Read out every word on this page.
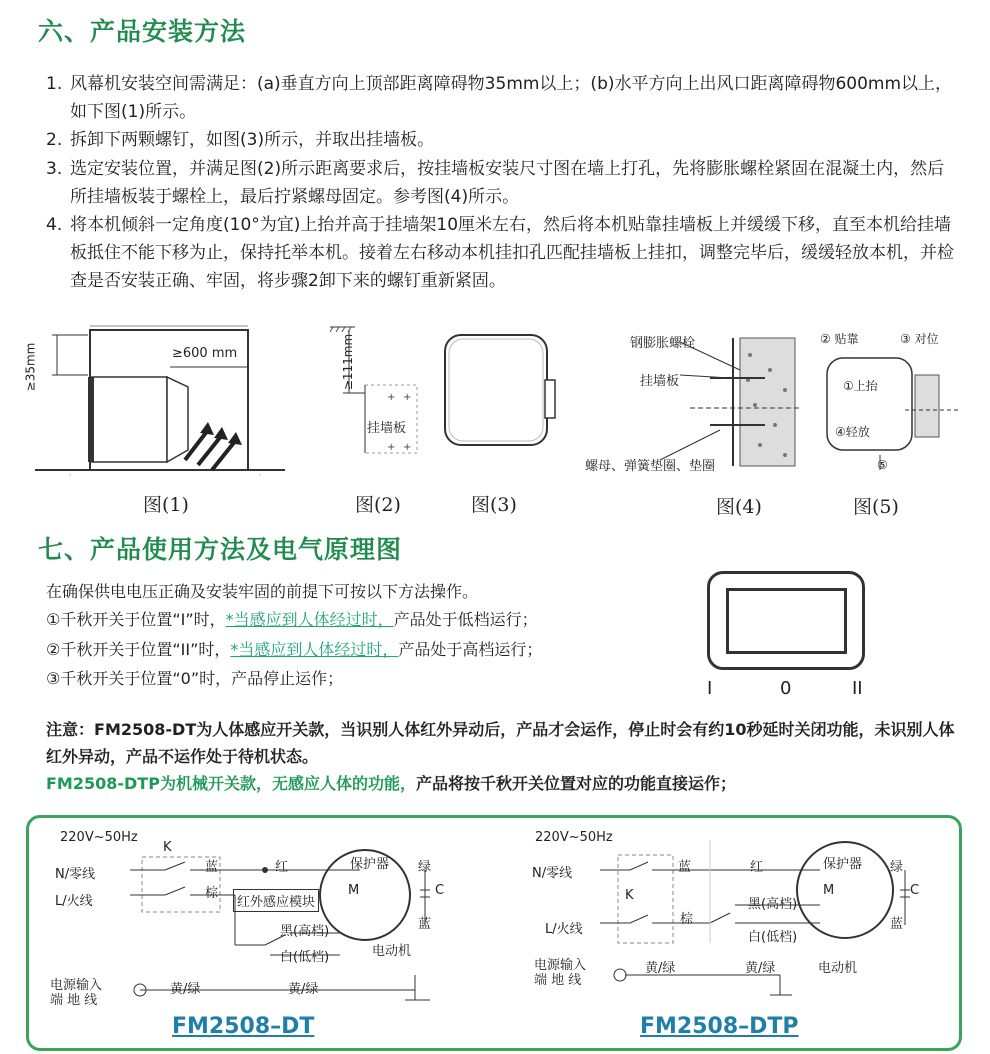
六、产品安装方法
1. 风幕机安装空间需满足：(a)垂直方向上顶部距离障碍物35mm以上；(b)水平方向上出风口距离障碍物600mm以上，如下图(1)所示。
2. 拆卸下两颗螺钉，如图(3)所示，并取出挂墙板。
3. 选定安装位置，并满足图(2)所示距离要求后，按挂墙板安装尺寸图在墙上打孔，先将膨胀螺栓紧固在混凝土内，然后所挂墙板装于螺栓上，最后拧紧螺母固定。参考图(4)所示。
4. 将本机倾斜一定角度(10°为宜)上抬并高于挂墙架10厘米左右，然后将本机贴靠挂墙板上并缓缓下移，直至本机给挂墙板抵住不能下移为止，保持托举本机。接着左右移动本机挂扣孔匹配挂墙板上挂扣，调整完毕后，缓缓轻放本机，并检查是否安装正确、牢固，将步骤2卸下来的螺钉重新紧固。
≥35mm	≥600 mm
图(1)
+ +
+ +
≥111mm
挂墙板
图(2)	图(3)
钢膨胀螺栓
挂墙板
螺母、弹簧垫圈、垫圈
图(4)
② 贴靠	③ 对位
①上抬
④轻放
⑤
图(5)
七、产品使用方法及电气原理图
在确保供电电压正确及安装牢固的前提下可按以下方法操作。
①千秋开关于位置“I”时，*当感应到人体经过时，产品处于低档运行；
②千秋开关于位置“II”时，*当感应到人体经过时，产品处于高档运行；
③千秋开关于位置“0”时，产品停止运作；	I	0	II
注意：FM2508-DT为人体感应开关款，当识别人体红外异动后，产品才会运作，停止时会有约10秒延时关闭功能，未识别人体红外异动，产品不运作处于待机状态。
FM2508-DTP为机械开关款，无感应人体的功能，产品将按千秋开关位置对应的功能直接运作；
220V~50Hz
K
N/零线
L/火线
蓝
棕
红	保护器 绿
M	C
蓝
红外感应模块
黑(高档)
白(低档)	电动机
电源输入
端 地 线
黄/绿	黄/绿
FM2508–DT
220V~50Hz
K
N/零线
L/火线
蓝
棕
红	保护器 绿
M	C
蓝
黑(高档)
白(低档)
电动机
电源输入
端 地 线
黄/绿	黄/绿
FM2508–DTP
